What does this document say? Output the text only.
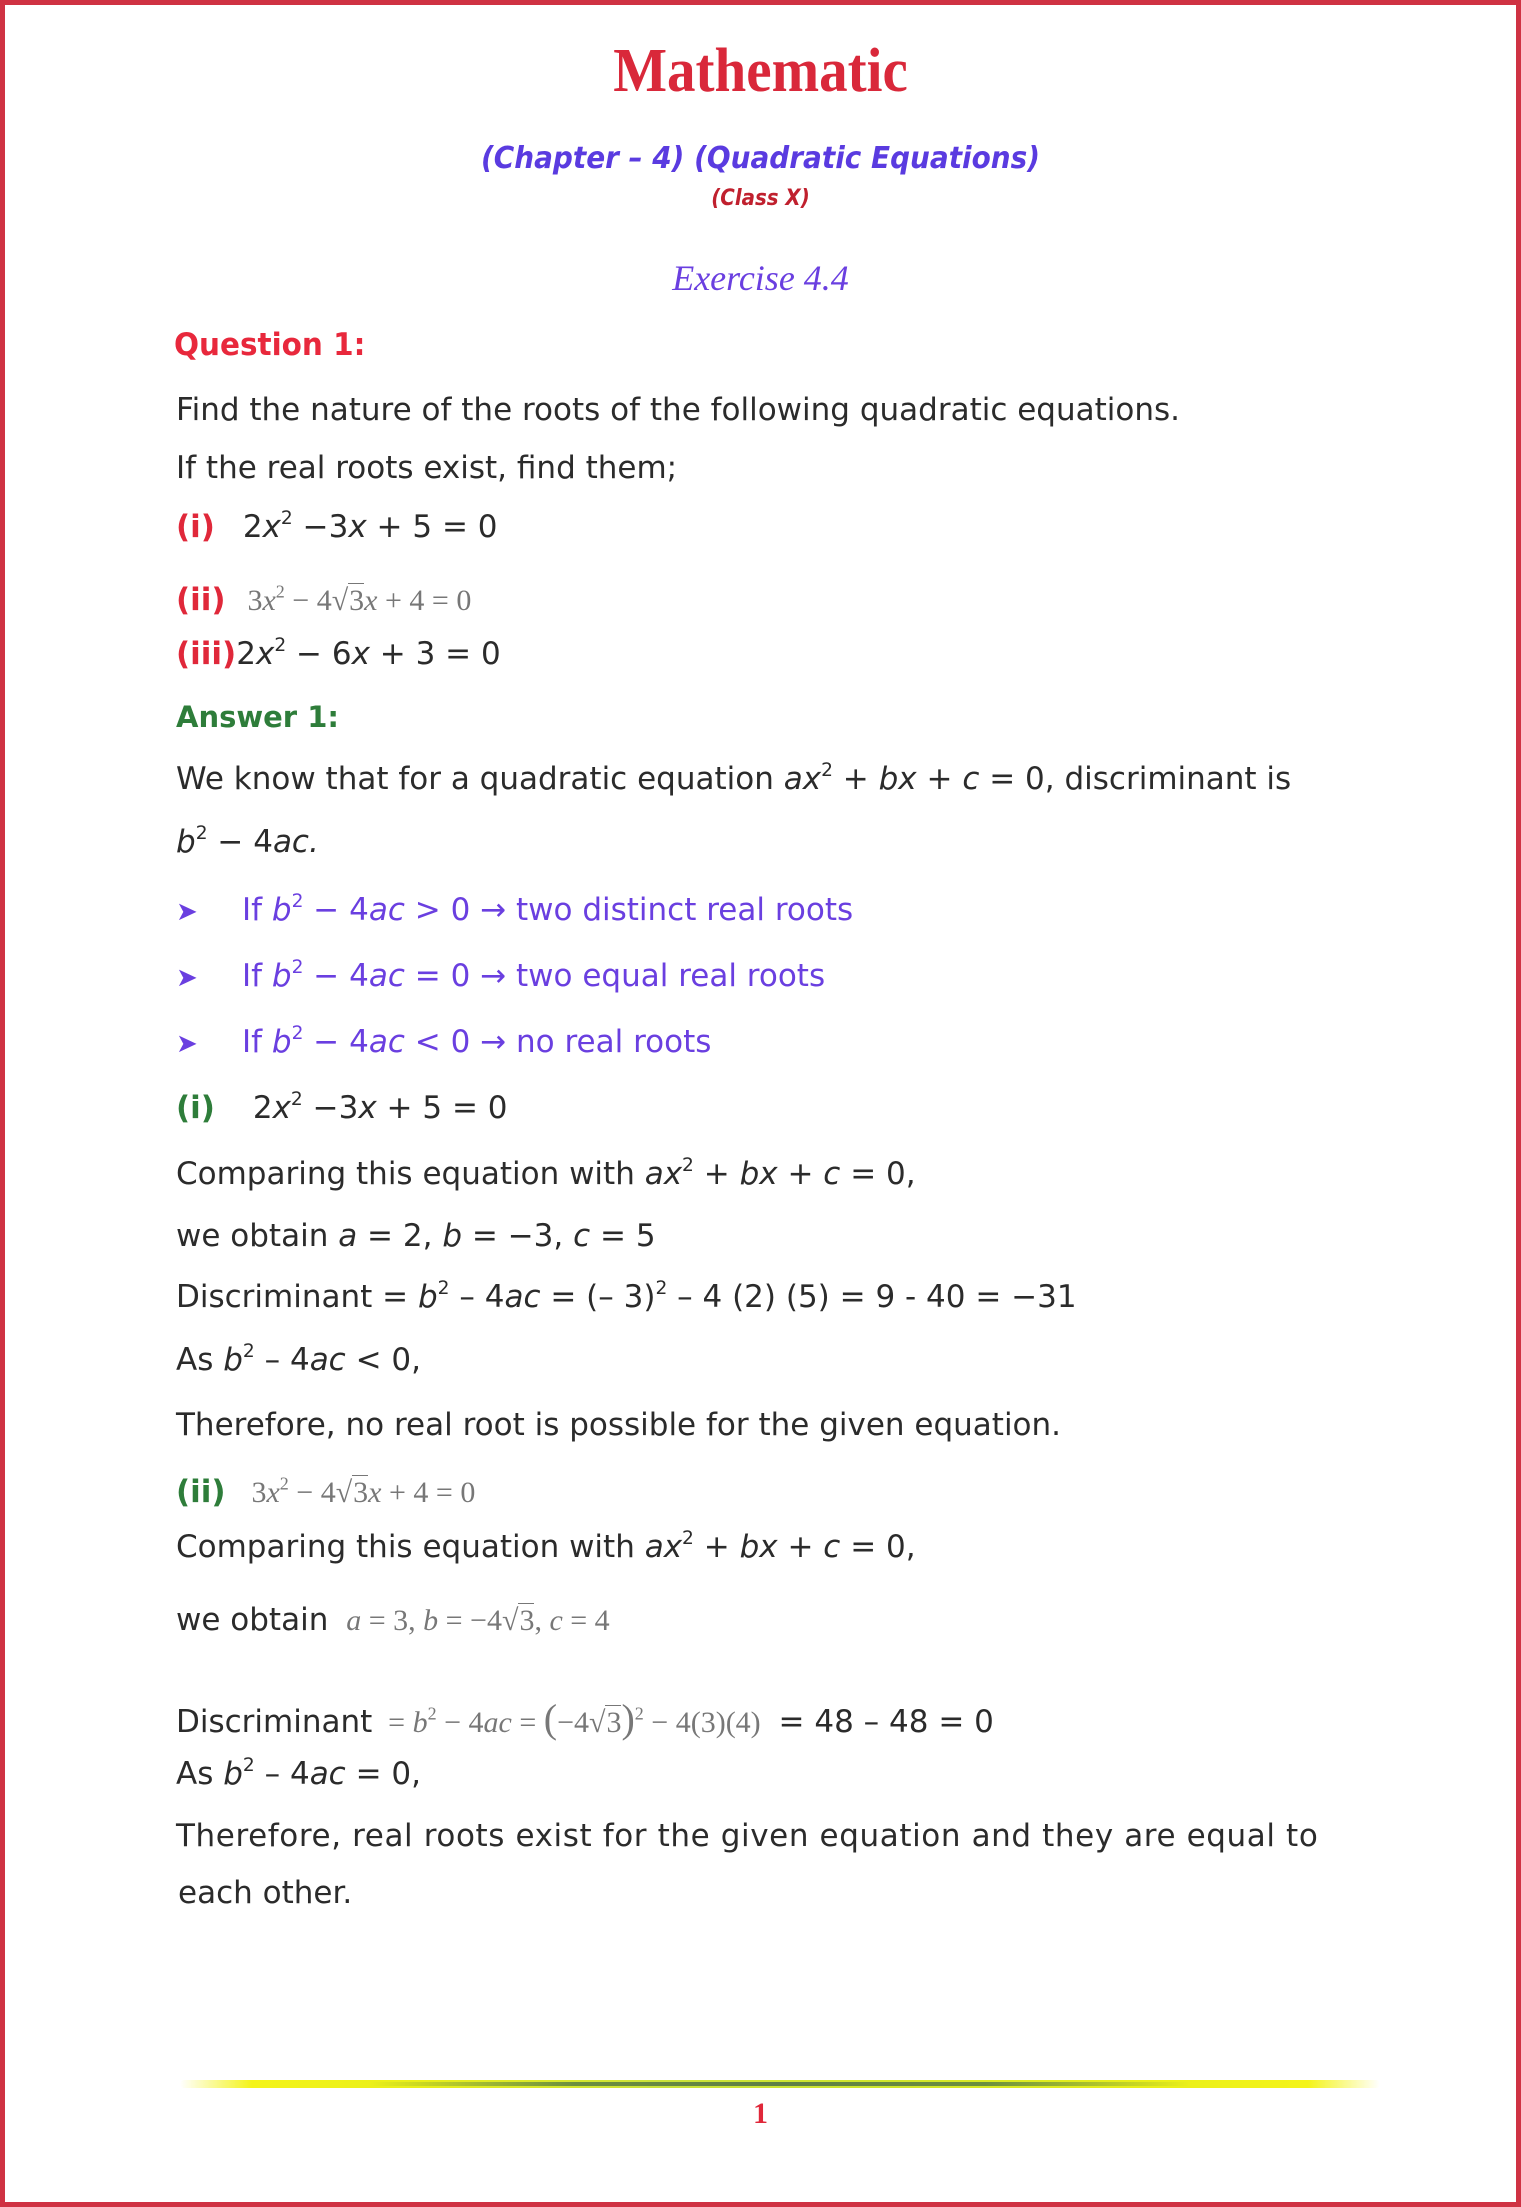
Mathematic
(Chapter – 4) (Quadratic Equations)
(Class X)
Exercise 4.4
Question 1:
Find the nature of the roots of the following quadratic equations.
If the real roots exist, find them;
(i) $2x^2 -3x + 5 = 0$
(ii) $3x^2 - 4√3x + 4 = 0$
$(iii)2x^2 - 6x + 3 = 0$
Answer 1:
We know that for a quadratic equation $ax^2$ + bx + c = 0, discriminant is
$b^2 - 4ac$.
➤ If $b^2 - 4ac > 0$ → two distinct real roots
➤ If $b^2 - 4ac = 0$ → two equal real roots
➤ If $b^2 - 4ac < 0$ → no real roots
(i) $2x^2 -3x + 5 = 0$
Comparing this equation with $ax^2$ + bx + c = 0,
we obtain a = 2, b = −3, c = 5
Discriminant = $b^2 - 4ac$ = (– 3)$^2$ – 4 (2) (5) = 9 - 40 = −31
As $b^2 - 4ac < 0$,
Therefore, no real root is possible for the given equation.
(ii) $3x^2 - 4√3x + 4 = 0$
Comparing this equation with $ax^2$ + bx + c = 0,
we obtain a = 3, b = −4√3, c = 4
Discriminant = $b^2 - 4ac = (-4√3)^2 - 4(3)(4) = 48 - 48 = 0$
As $b^2 - 4ac = 0$,
Therefore, real roots exist for the given equation and they are equal to
each other.
1
